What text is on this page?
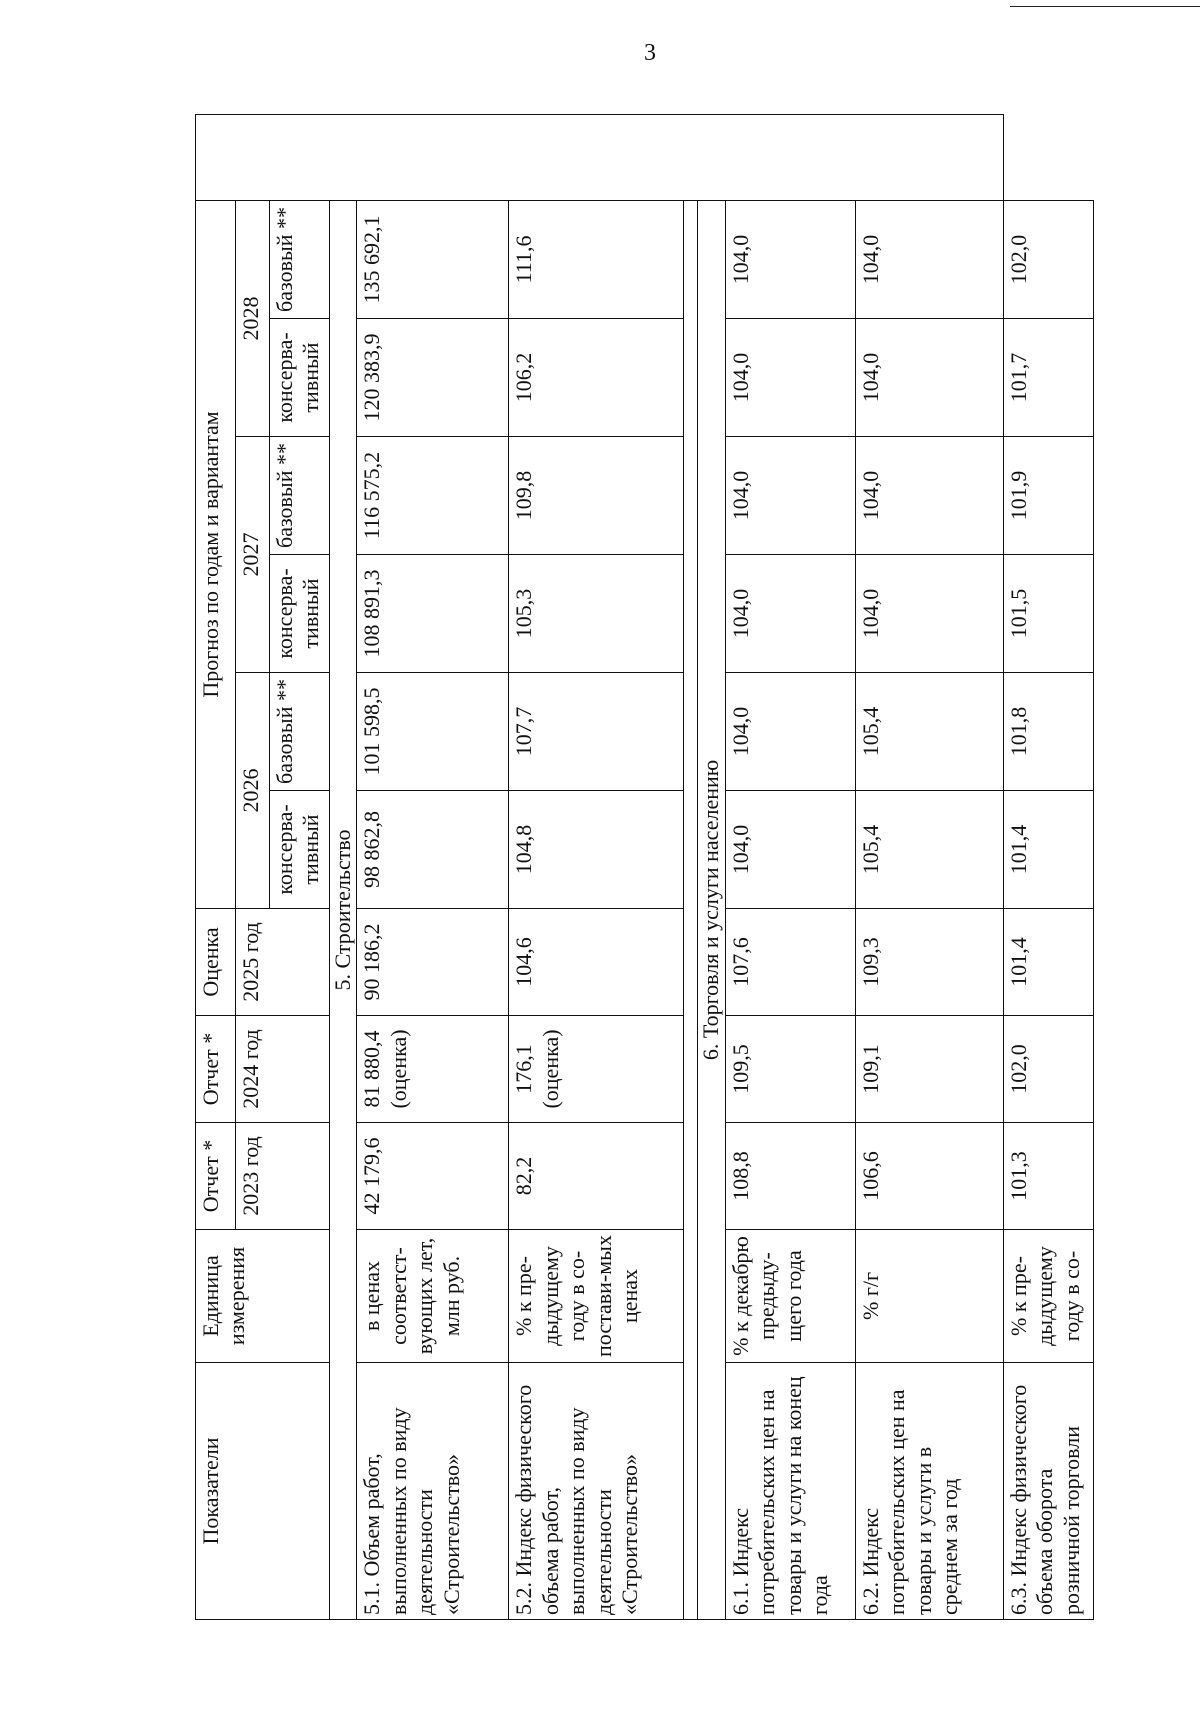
3
Показатели	Единица измерения	Отчет *	Отчет *	Оценка	Прогноз по годам и вариантам						
		2023 год	2024 год	2025 год	2026		2027		2028		
					консерва-тивный	базовый **	консерва-тивный	базовый **	консерва-тивный	базовый **	
5. Строительство											
5.1. Объем работ, выполненных по виду деятельности «Строительство»	в ценах соответст-вующих лет, млн руб.	42 179,6	81 880,4 (оценка)	90 186,2	98 862,8	101 598,5	108 891,3	116 575,2	120 383,9	135 692,1	
5.2. Индекс физического объема работ, выполненных по виду деятельности «Строительство»	% к пре-дыдущему году в со-постави-мых ценах	82,2	176,1 (оценка)	104,6	104,8	107,7	105,3	109,8	106,2	111,6	

6. Торговля и услуги населению											
6.1. Индекс потребительских цен на товары и услуги на конец года	% к декабрю предыду-щего года	108,8	109,5	107,6	104,0	104,0	104,0	104,0	104,0	104,0	
6.2. Индекс потребительских цен на товары и услуги в среднем за год	% г/г	106,6	109,1	109,3	105,4	105,4	104,0	104,0	104,0	104,0	
6.3. Индекс физического объема оборота розничной торговли	% к пре-дыдущему году в со-	101,3	102,0	101,4	101,4	101,8	101,5	101,9	101,7	102,0	
